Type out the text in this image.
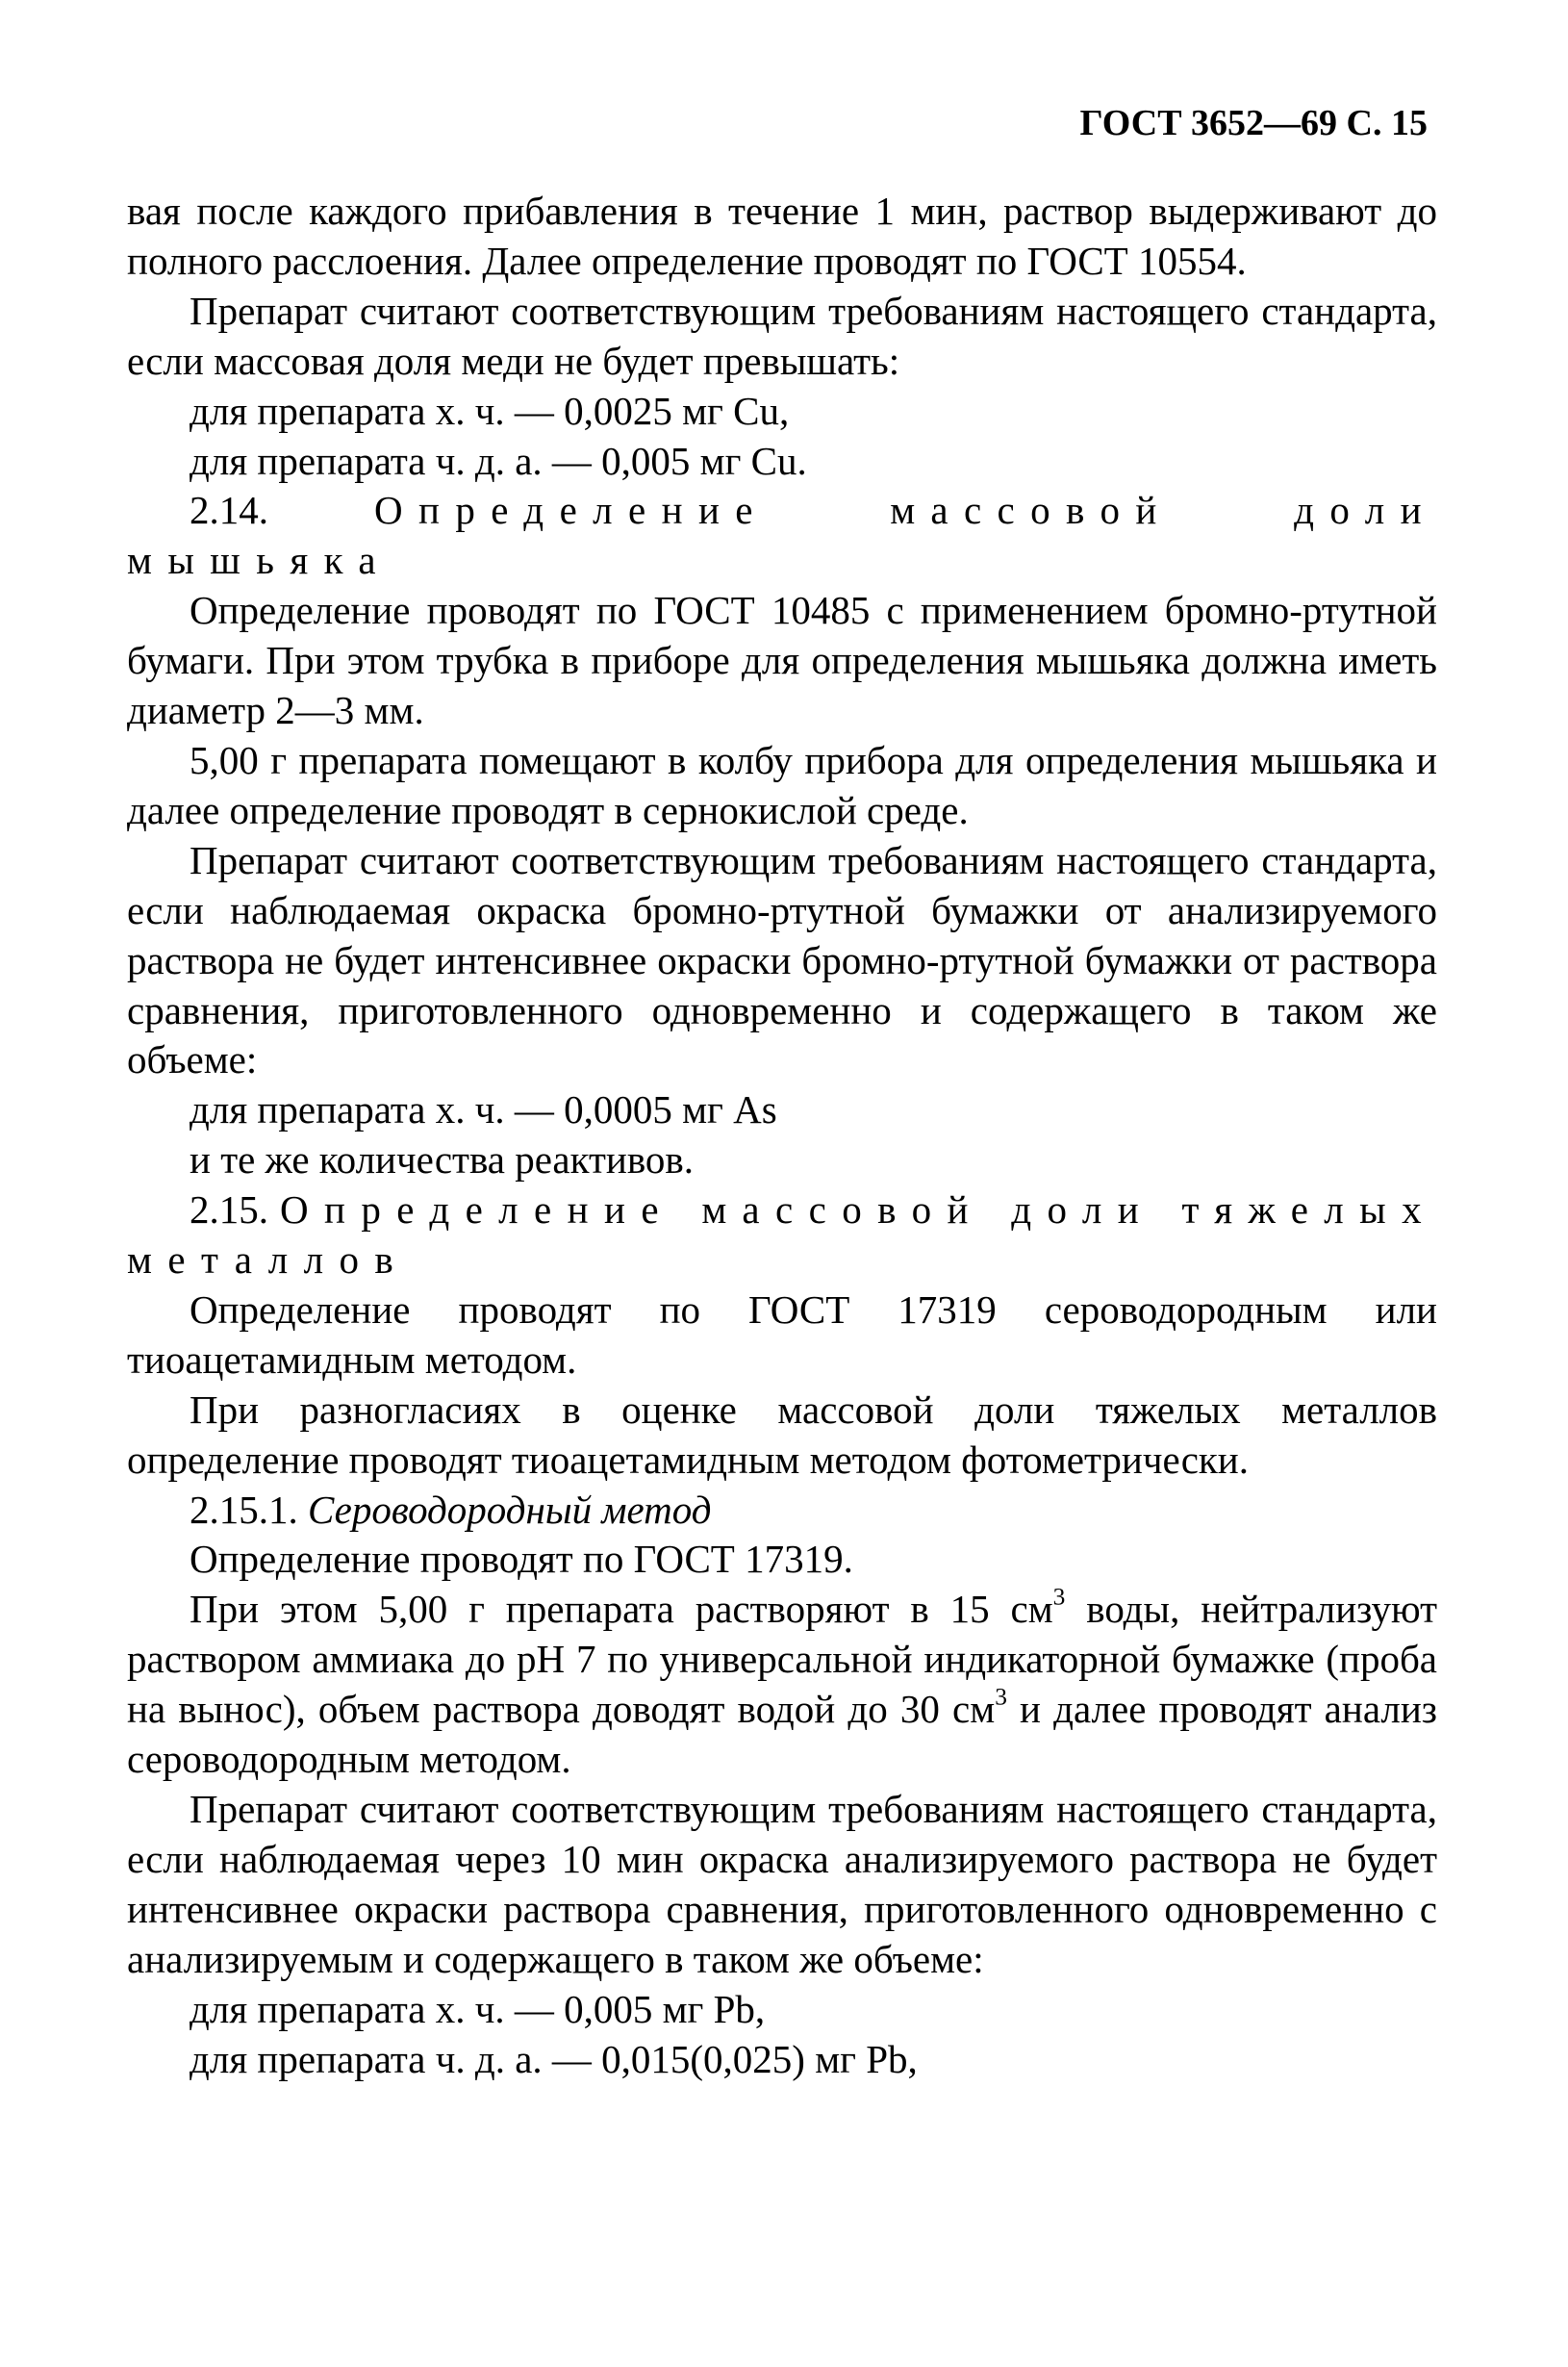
ГОСТ 3652—69 С. 15

вая после каждого прибавления в течение 1 мин, раствор выдерживают до полного расслоения. Далее определение проводят по ГОСТ 10554.

Препарат считают соответствующим требованиям настоящего стандарта, если массовая доля меди не будет превышать:

для препарата х. ч. — 0,0025 мг Cu,

для препарата ч. д. а. — 0,005 мг Cu.

2.14.	Определение массовой доли мышьяка

Определение проводят по ГОСТ 10485 с применением бромно-ртутной бумаги. При этом трубка в приборе для определения мышьяка должна иметь диаметр 2—3 мм.

5,00 г препарата помещают в колбу прибора для определения мышьяка и далее определение проводят в сернокислой среде.

Препарат считают соответствующим требованиям настоящего стандарта, если наблюдаемая окраска бромно-ртутной бумажки от анализируемого раствора не будет интенсивнее окраски бромно-ртутной бумажки от раствора сравнения, приготовленного одновременно и содержащего в таком же объеме:

для препарата х. ч. — 0,0005 мг As

и те же количества реактивов.

2.15. Определение массовой доли тяжелых металлов

Определение проводят по ГОСТ 17319 сероводородным или тиоацетамидным методом.

При разногласиях в оценке массовой доли тяжелых металлов определение проводят тиоацетамидным методом фотометрически.

2.15.1. Сероводородный метод

Определение проводят по ГОСТ 17319.

При этом 5,00 г препарата растворяют в 15 $см^3$ воды, нейтрализуют раствором аммиака до pH 7 по универсальной индикаторной бумажке (проба на вынос), объем раствора доводят водой до 30 $см^3$ и далее проводят анализ сероводородным методом.

Препарат считают соответствующим требованиям настоящего стандарта, если наблюдаемая через 10 мин окраска анализируемого раствора не будет интенсивнее окраски раствора сравнения, приготовленного одновременно с анализируемым и содержащего в таком же объеме:

для препарата х. ч. — 0,005 мг Pb,

для препарата ч. д. а. — 0,015(0,025) мг Pb,
